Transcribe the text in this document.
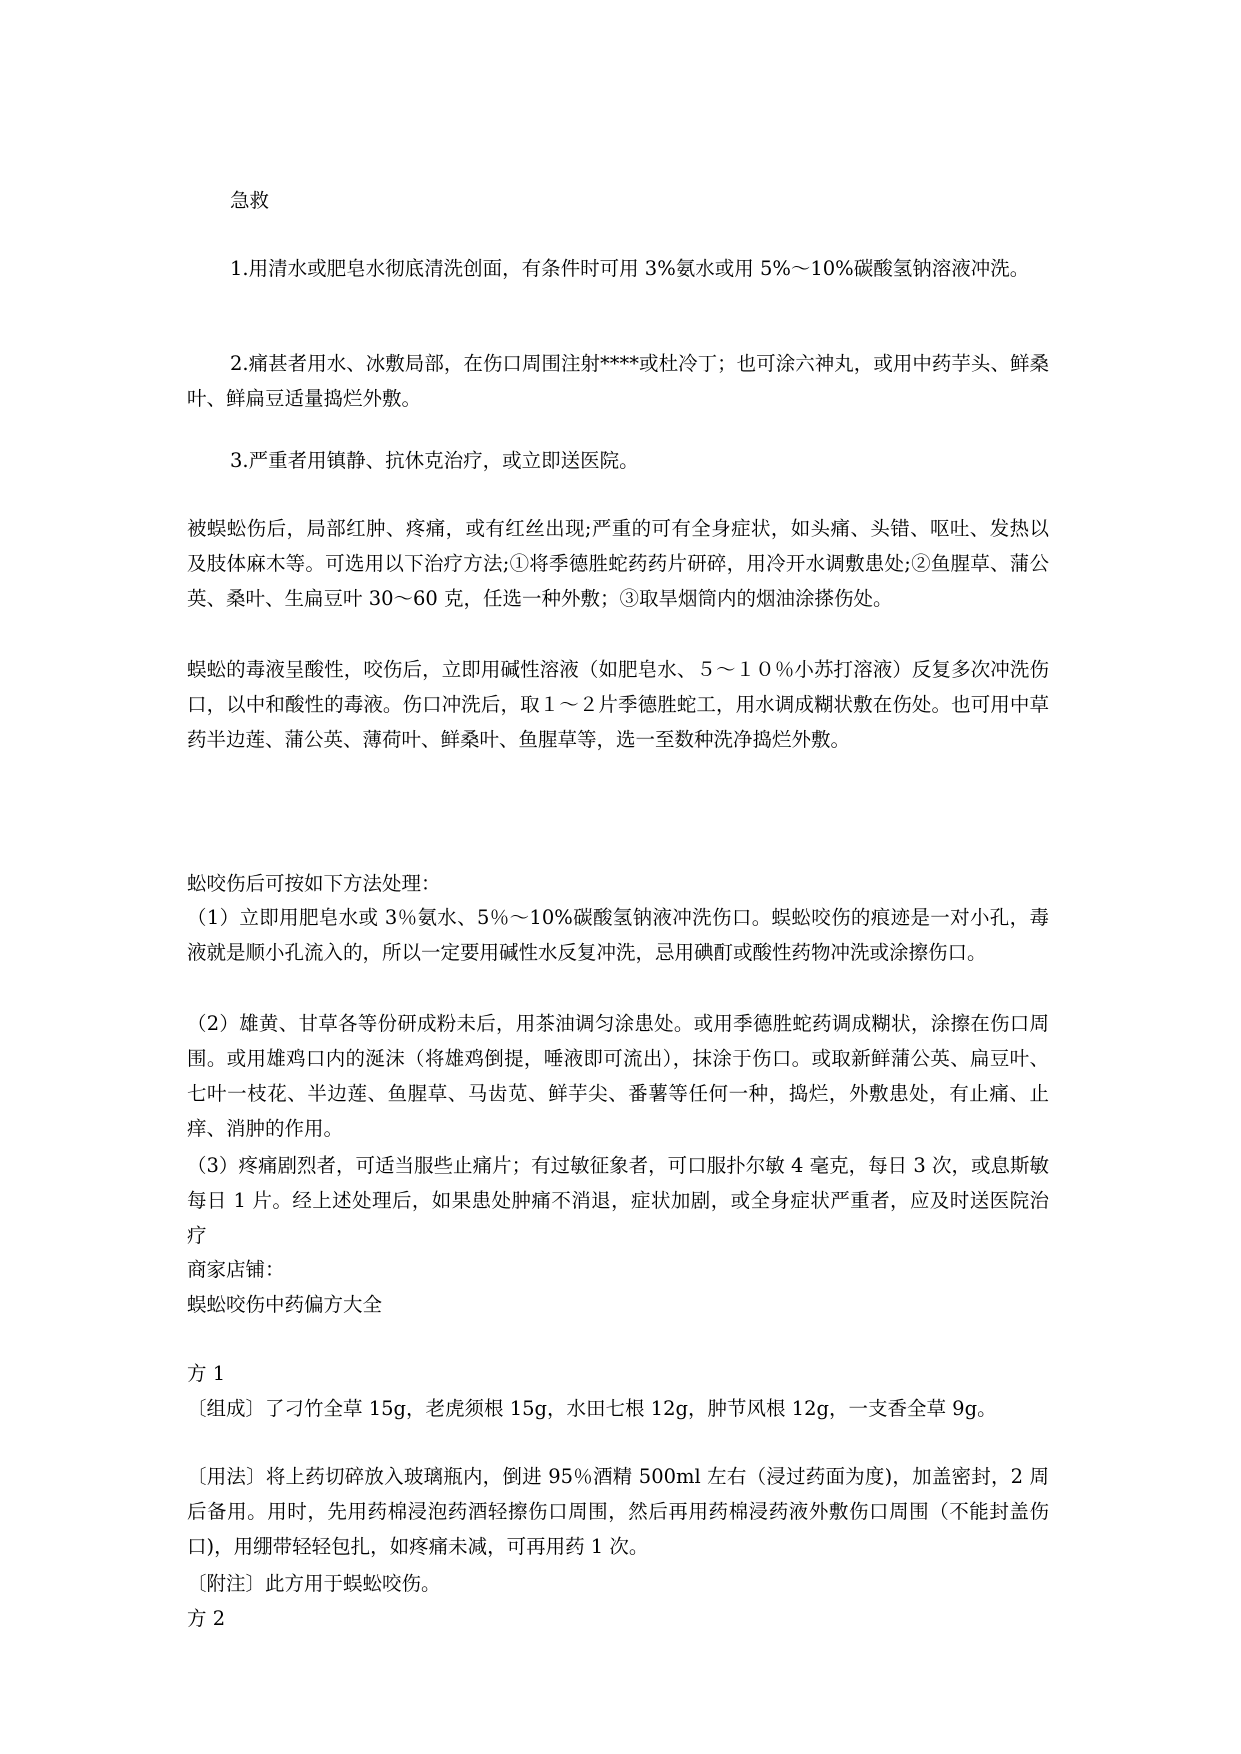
急救

1.用清水或肥皂水彻底清洗创面，有条件时可用 3%氨水或用 5%～10%碳酸氢钠溶液冲洗。

2.痛甚者用水、冰敷局部，在伤口周围注射****或杜冷丁；也可涂六神丸，或用中药芋头、鲜桑叶、鲜扁豆适量捣烂外敷。

3.严重者用镇静、抗休克治疗，或立即送医院。

被蜈蚣伤后，局部红肿、疼痛，或有红丝出现;严重的可有全身症状，如头痛、头错、呕吐、发热以及肢体麻木等。可选用以下治疗方法;①将季德胜蛇药药片研碎，用冷开水调敷患处;②鱼腥草、蒲公英、桑叶、生扁豆叶 30～60 克，任选一种外敷；③取旱烟筒内的烟油涂搽伤处。

蜈蚣的毒液呈酸性，咬伤后，立即用碱性溶液（如肥皂水、５～１０％小苏打溶液）反复多次冲洗伤口，以中和酸性的毒液。伤口冲洗后，取１～２片季德胜蛇工，用水调成糊状敷在伤处。也可用中草药半边莲、蒲公英、薄荷叶、鲜桑叶、鱼腥草等，选一至数种洗净捣烂外敷。

蚣咬伤后可按如下方法处理：

（1）立即用肥皂水或 3％氨水、5％～10%碳酸氢钠液冲洗伤口。蜈蚣咬伤的痕迹是一对小孔，毒液就是顺小孔流入的，所以一定要用碱性水反复冲洗，忌用碘酊或酸性药物冲洗或涂擦伤口。

（2）雄黄、甘草各等份研成粉未后，用茶油调匀涂患处。或用季德胜蛇药调成糊状，涂擦在伤口周围。或用雄鸡口内的涎沫（将雄鸡倒提，唾液即可流出），抹涂于伤口。或取新鲜蒲公英、扁豆叶、七叶一枝花、半边莲、鱼腥草、马齿苋、鲜芋尖、番薯等任何一种，捣烂，外敷患处，有止痛、止痒、消肿的作用。

（3）疼痛剧烈者，可适当服些止痛片；有过敏征象者，可口服扑尔敏 4 毫克，每日 3 次，或息斯敏每日 1 片。经上述处理后，如果患处肿痛不消退，症状加剧，或全身症状严重者，应及时送医院治疗

商家店铺：

蜈蚣咬伤中药偏方大全

方 1

〔组成〕了刁竹全草 15g，老虎须根 15g，水田七根 12g，肿节风根 12g，一支香全草 9g。

〔用法〕将上药切碎放入玻璃瓶内，倒进 95％酒精 500ml 左右（浸过药面为度)，加盖密封，2 周后备用。用时，先用药棉浸泡药酒轻擦伤口周围，然后再用药棉浸药液外敷伤口周围（不能封盖伤口)，用绷带轻轻包扎，如疼痛未减，可再用药 1 次。

〔附注〕此方用于蜈蚣咬伤。

方 2
